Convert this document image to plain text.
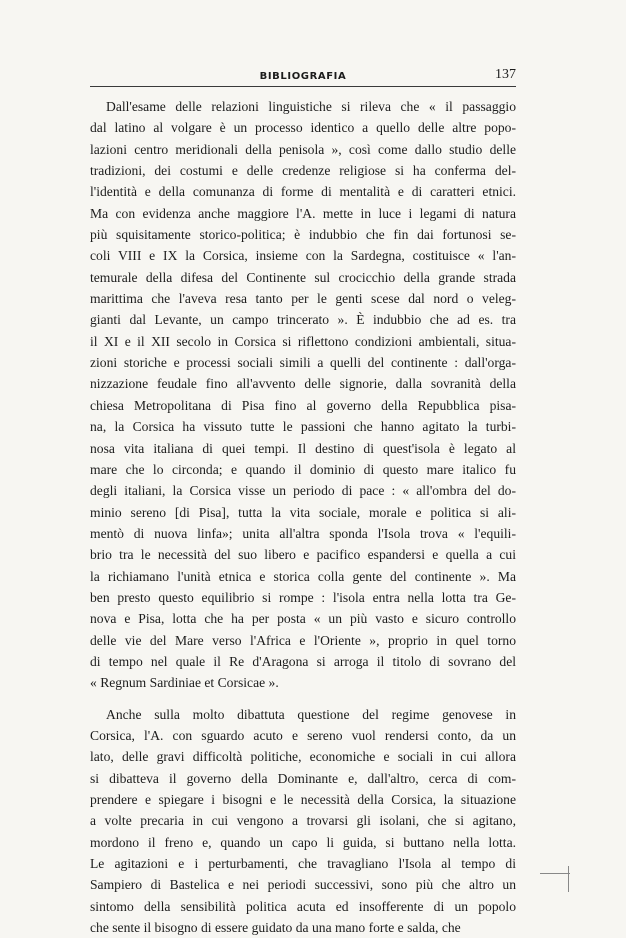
BIBLIOGRAFIA	137
Dall'esame delle relazioni linguistiche si rileva che « il passaggio
dal latino al volgare è un processo identico a quello delle altre popo-
lazioni centro meridionali della penisola », così come dallo studio delle
tradizioni, dei costumi e delle credenze religiose si ha conferma del-
l'identità e della comunanza di forme di mentalità e di caratteri etnici.
Ma con evidenza anche maggiore l'A. mette in luce i legami di natura
più squisitamente storico-politica; è indubbio che fin dai fortunosi se-
coli VIII e IX la Corsica, insieme con la Sardegna, costituisce « l'an-
temurale della difesa del Continente sul crocicchio della grande strada
marittima che l'aveva resa tanto per le genti scese dal nord o veleg-
gianti dal Levante, un campo trincerato ». È indubbio che ad es. tra
il XI e il XII secolo in Corsica si riflettono condizioni ambientali, situa-
zioni storiche e processi sociali simili a quelli del continente : dall'orga-
nizzazione feudale fino all'avvento delle signorie, dalla sovranità della
chiesa Metropolitana di Pisa fino al governo della Repubblica pisa-
na, la Corsica ha vissuto tutte le passioni che hanno agitato la turbi-
nosa vita italiana di quei tempi. Il destino di quest'isola è legato al
mare che lo circonda; e quando il dominio di questo mare italico fu
degli italiani, la Corsica visse un periodo di pace : « all'ombra del do-
minio sereno [di Pisa], tutta la vita sociale, morale e politica si ali-
mentò di nuova linfa»; unita all'altra sponda l'Isola trova « l'equili-
brio tra le necessità del suo libero e pacifico espandersi e quella a cui
la richiamano l'unità etnica e storica colla gente del continente ». Ma
ben presto questo equilibrio si rompe : l'isola entra nella lotta tra Ge-
nova e Pisa, lotta che ha per posta « un più vasto e sicuro controllo
delle vie del Mare verso l'Africa e l'Oriente », proprio in quel torno
di tempo nel quale il Re d'Aragona si arroga il titolo di sovrano del
« Regnum Sardiniae et Corsicae ».
Anche sulla molto dibattuta questione del regime genovese in
Corsica, l'A. con sguardo acuto e sereno vuol rendersi conto, da un
lato, delle gravi difficoltà politiche, economiche e sociali in cui allora
si dibatteva il governo della Dominante e, dall'altro, cerca di com-
prendere e spiegare i bisogni e le necessità della Corsica, la situazione
a volte precaria in cui vengono a trovarsi gli isolani, che si agitano,
mordono il freno e, quando un capo li guida, si buttano nella lotta.
Le agitazioni e i perturbamenti, che travagliano l'Isola al tempo di
Sampiero di Bastelica e nei periodi successivi, sono più che altro un
sintomo della sensibilità politica acuta ed insofferente di un popolo
che sente il bisogno di essere guidato da una mano forte e salda, che
